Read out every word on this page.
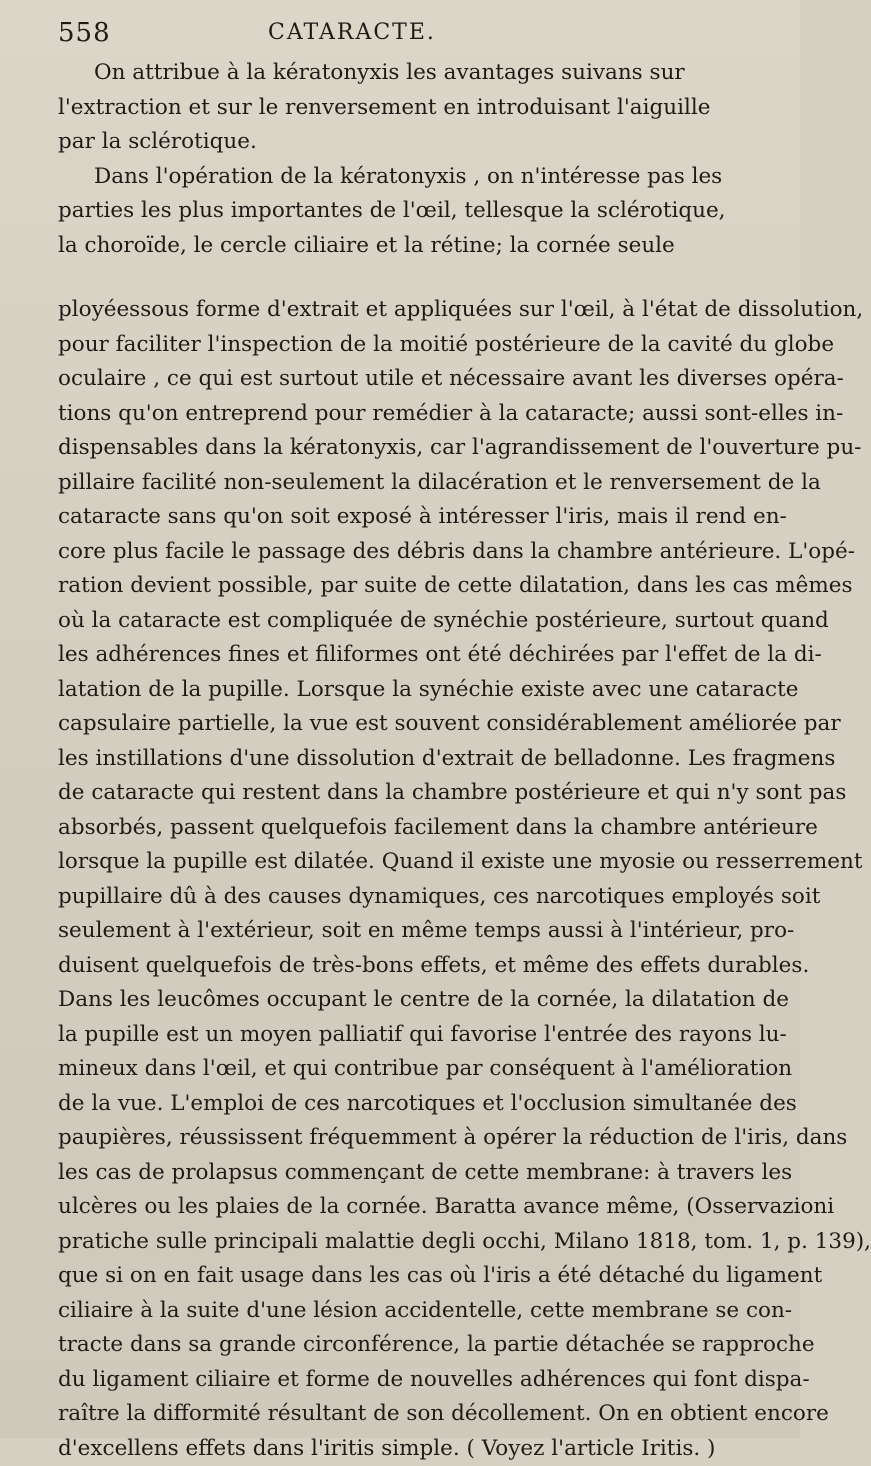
558	CATARACTE.
On attribue à la kératonyxis les avantages suivans sur
l'extraction et sur le renversement en introduisant l'aiguille
par la sclérotique.
Dans l'opération de la kératonyxis , on n'intéresse pas les
parties les plus importantes de l'œil, tellesque la sclérotique,
la choroïde, le cercle ciliaire et la rétine; la cornée seule
ployéessous forme d'extrait et appliquées sur l'œil, à l'état de dissolution,
pour faciliter l'inspection de la moitié postérieure de la cavité du globe
oculaire , ce qui est surtout utile et nécessaire avant les diverses opéra-
tions qu'on entreprend pour remédier à la cataracte; aussi sont-elles in-
dispensables dans la kératonyxis, car l'agrandissement de l'ouverture pu-
pillaire facilité non-seulement la dilacération et le renversement de la
cataracte sans qu'on soit exposé à intéresser l'iris, mais il rend en-
core plus facile le passage des débris dans la chambre antérieure. L'opé-
ration devient possible, par suite de cette dilatation, dans les cas mêmes
où la cataracte est compliquée de synéchie postérieure, surtout quand
les adhérences fines et filiformes ont été déchirées par l'effet de la di-
latation de la pupille. Lorsque la synéchie existe avec une cataracte
capsulaire partielle, la vue est souvent considérablement améliorée par
les instillations d'une dissolution d'extrait de belladonne. Les fragmens
de cataracte qui restent dans la chambre postérieure et qui n'y sont pas
absorbés, passent quelquefois facilement dans la chambre antérieure
lorsque la pupille est dilatée. Quand il existe une myosie ou resserrement
pupillaire dû à des causes dynamiques, ces narcotiques employés soit
seulement à l'extérieur, soit en même temps aussi à l'intérieur, pro-
duisent quelquefois de très-bons effets, et même des effets durables.
Dans les leucômes occupant le centre de la cornée, la dilatation de
la pupille est un moyen palliatif qui favorise l'entrée des rayons lu-
mineux dans l'œil, et qui contribue par conséquent à l'amélioration
de la vue. L'emploi de ces narcotiques et l'occlusion simultanée des
paupières, réussissent fréquemment à opérer la réduction de l'iris, dans
les cas de prolapsus commençant de cette membrane: à travers les
ulcères ou les plaies de la cornée. Baratta avance même, (Osservazioni
pratiche sulle principali malattie degli occhi, Milano 1818, tom. 1, p. 139),
que si on en fait usage dans les cas où l'iris a été détaché du ligament
ciliaire à la suite d'une lésion accidentelle, cette membrane se con-
tracte dans sa grande circonférence, la partie détachée se rapproche
du ligament ciliaire et forme de nouvelles adhérences qui font dispa-
raître la difformité résultant de son décollement. On en obtient encore
d'excellens effets dans l'iritis simple. ( Voyez l'article Iritis. )
